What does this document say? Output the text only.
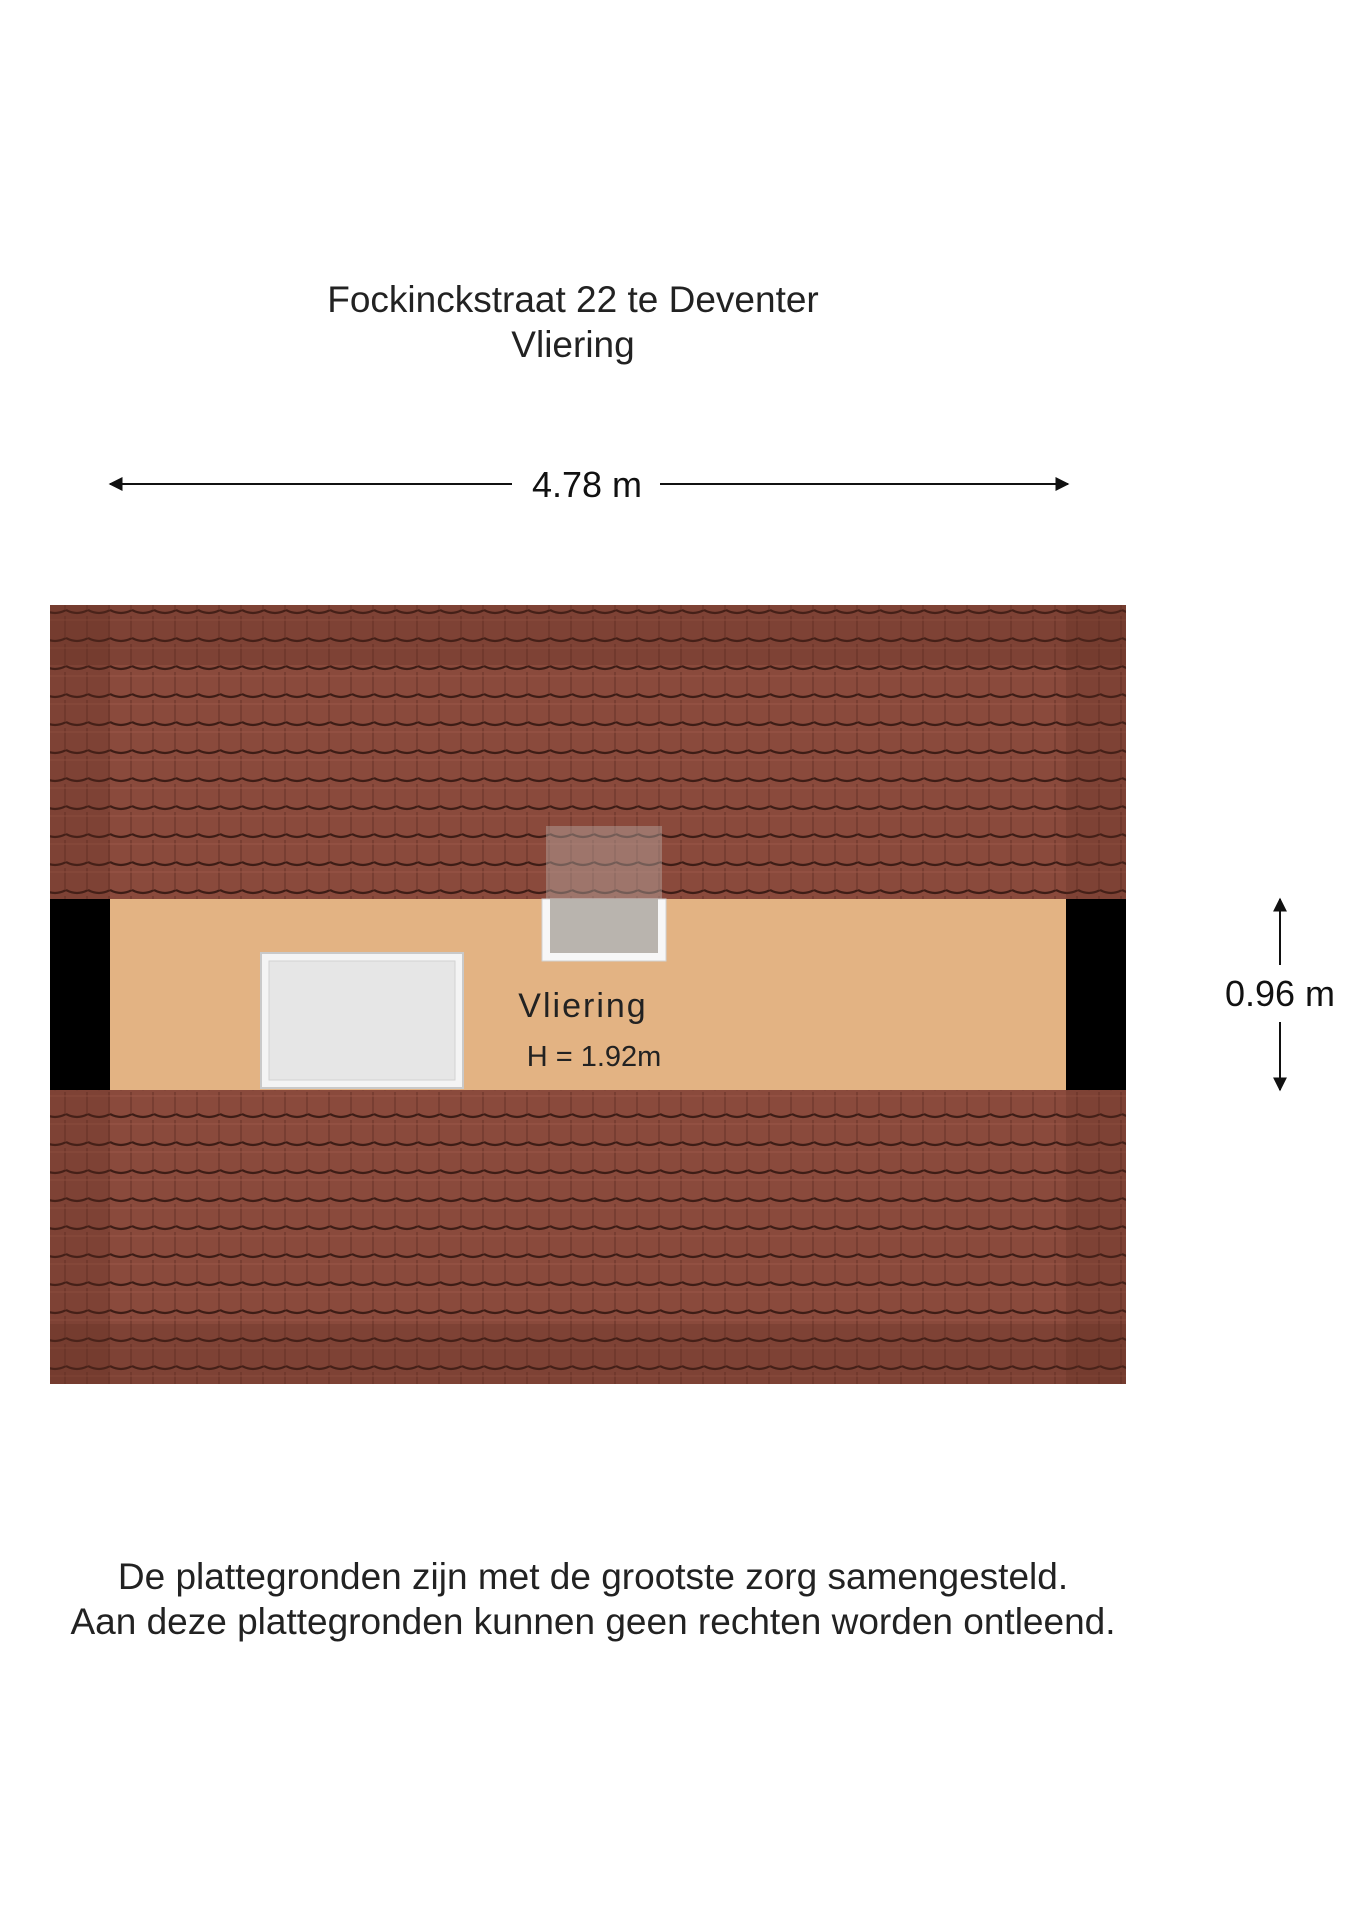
Fockinckstraat 22 te Deventer
Vliering
4.78 m
Vliering
H = 1.92m
0.96 m
De plattegronden zijn met de grootste zorg samengesteld.
Aan deze plattegronden kunnen geen rechten worden ontleend.
